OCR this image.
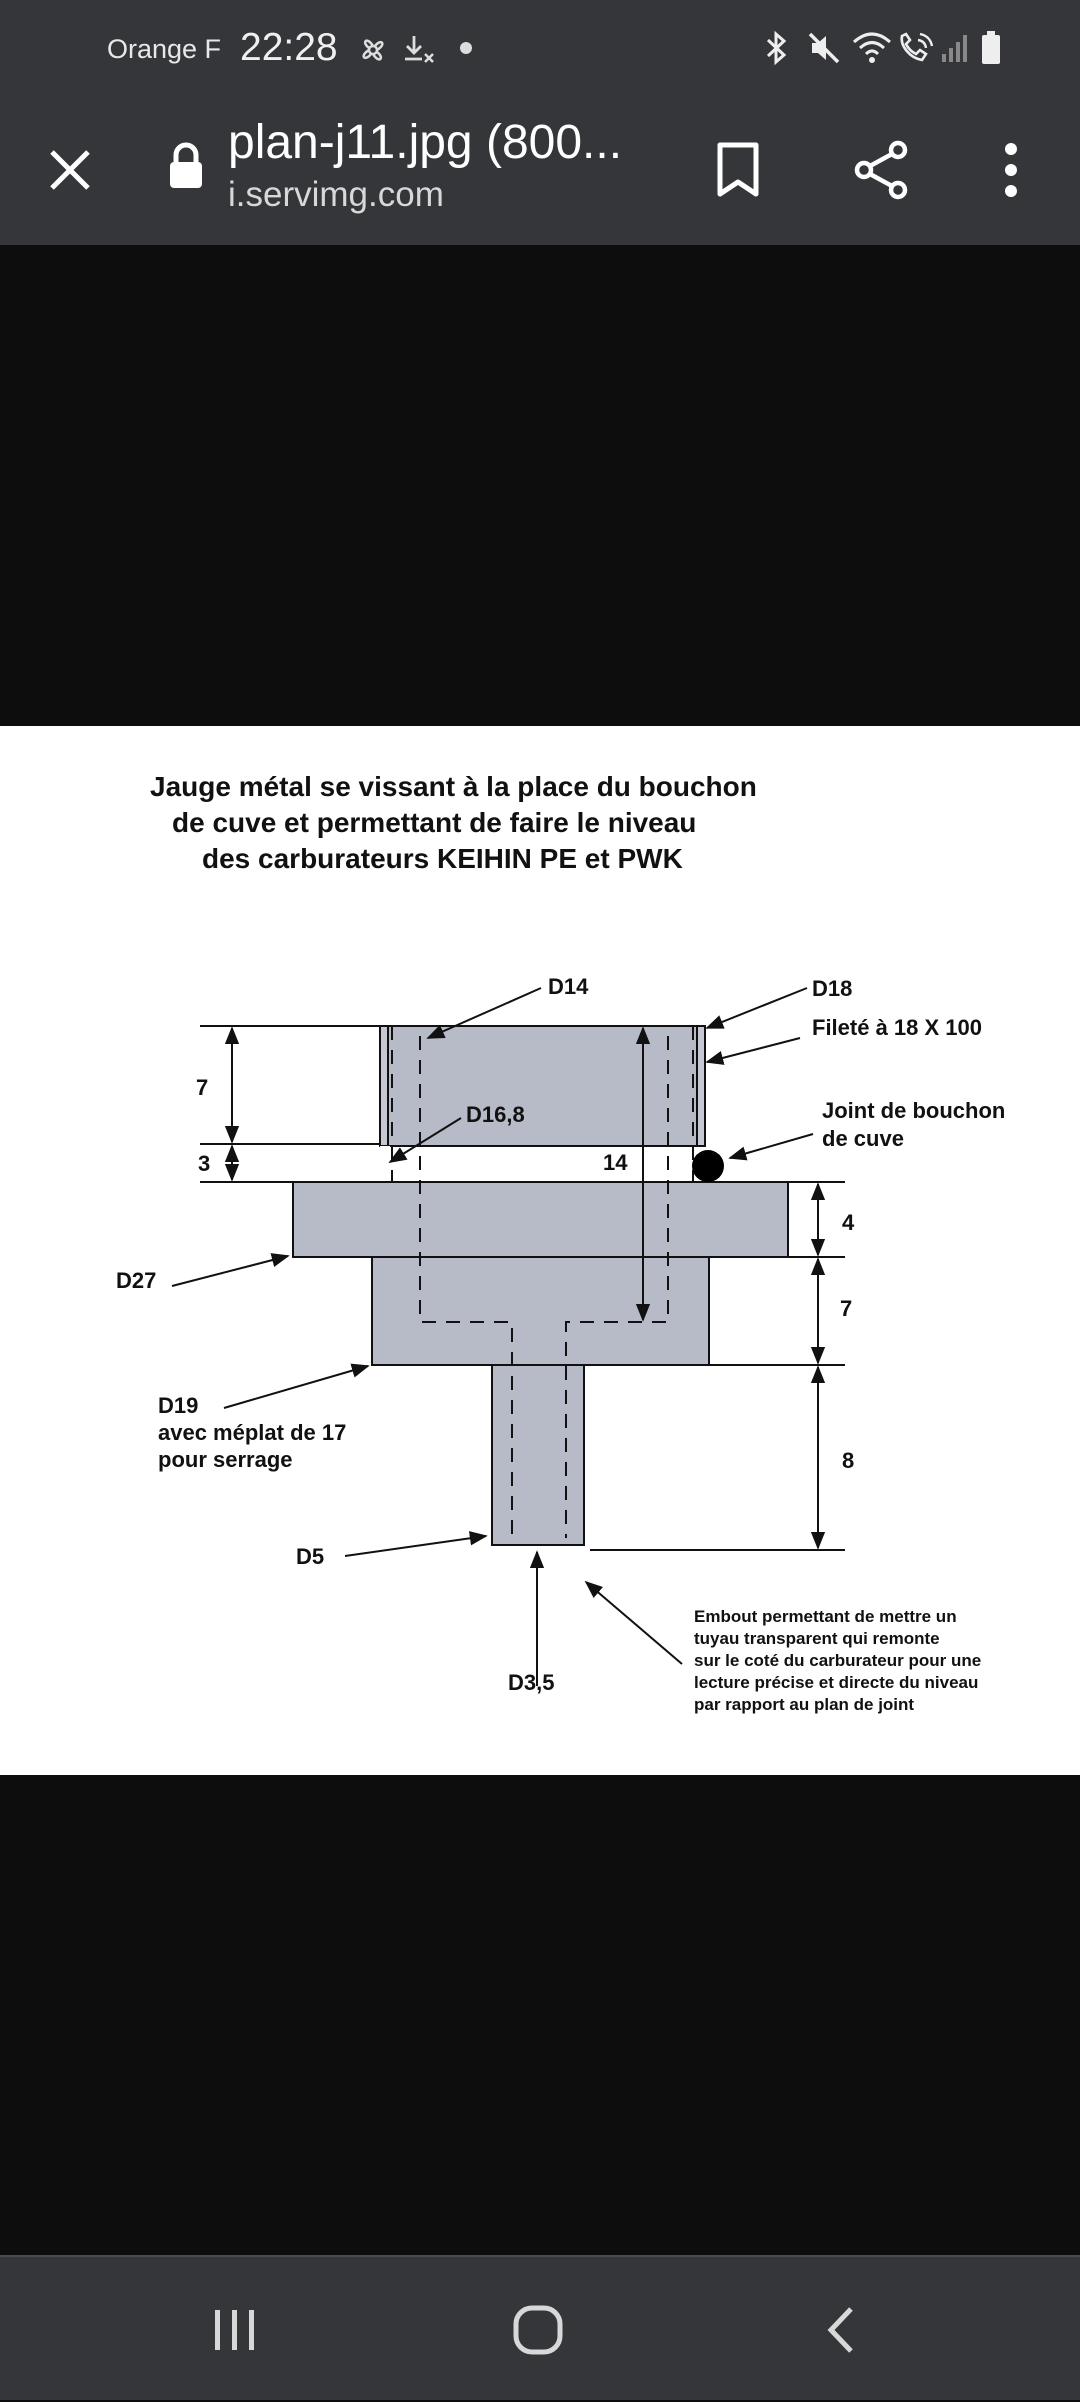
Orange F 22:28
plan-j11.jpg (800...
i.servimg.com
Jauge métal se vissant à la place du bouchon
de cuve et permettant de faire le niveau
des carburateurs KEIHIN PE et PWK
D14	D18
Fileté à 18 X 100
D16,8	Joint de bouchon
de cuve
D27
D19
avec méplat de 17
pour serrage
D5
D3,5
7
3	14
4
7
8
Embout permettant de mettre un
tuyau transparent qui remonte
sur le coté du carburateur pour une
lecture précise et directe du niveau
par rapport au plan de joint
